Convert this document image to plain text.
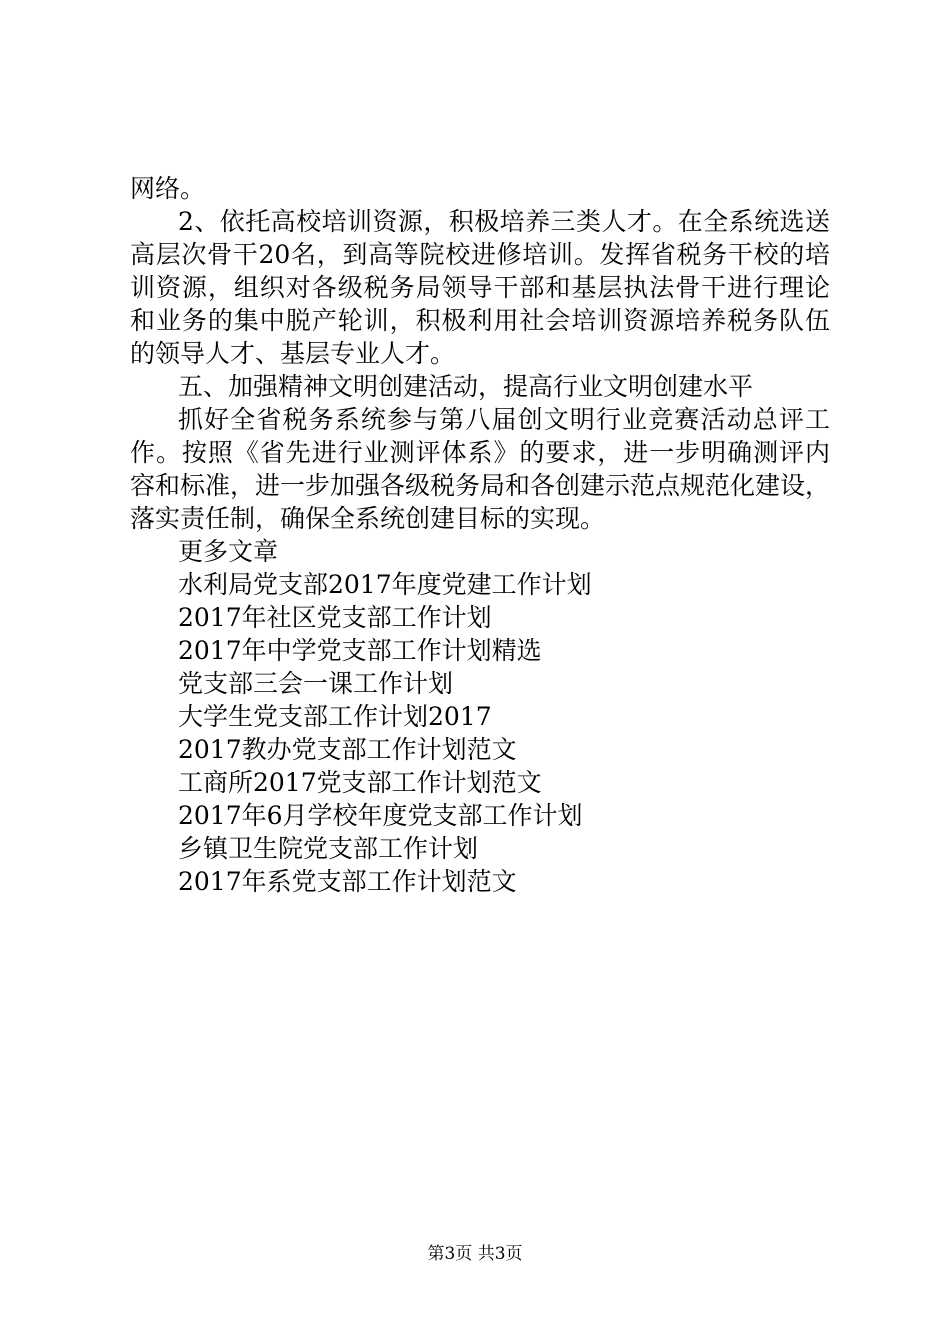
网络。
2、依托高校培训资源，积极培养三类人才。在全系统选送
高层次骨干20名，到高等院校进修培训。发挥省税务干校的培
训资源，组织对各级税务局领导干部和基层执法骨干进行理论
和业务的集中脱产轮训，积极利用社会培训资源培养税务队伍
的领导人才、基层专业人才。
五、加强精神文明创建活动，提高行业文明创建水平
抓好全省税务系统参与第八届创文明行业竞赛活动总评工
作。按照《省先进行业测评体系》的要求，进一步明确测评内
容和标准，进一步加强各级税务局和各创建示范点规范化建设，
落实责任制，确保全系统创建目标的实现。
更多文章
水利局党支部2017年度党建工作计划
2017年社区党支部工作计划
2017年中学党支部工作计划精选
党支部三会一课工作计划
大学生党支部工作计划2017
2017教办党支部工作计划范文
工商所2017党支部工作计划范文
2017年6月学校年度党支部工作计划
乡镇卫生院党支部工作计划
2017年系党支部工作计划范文
第3页 共3页
